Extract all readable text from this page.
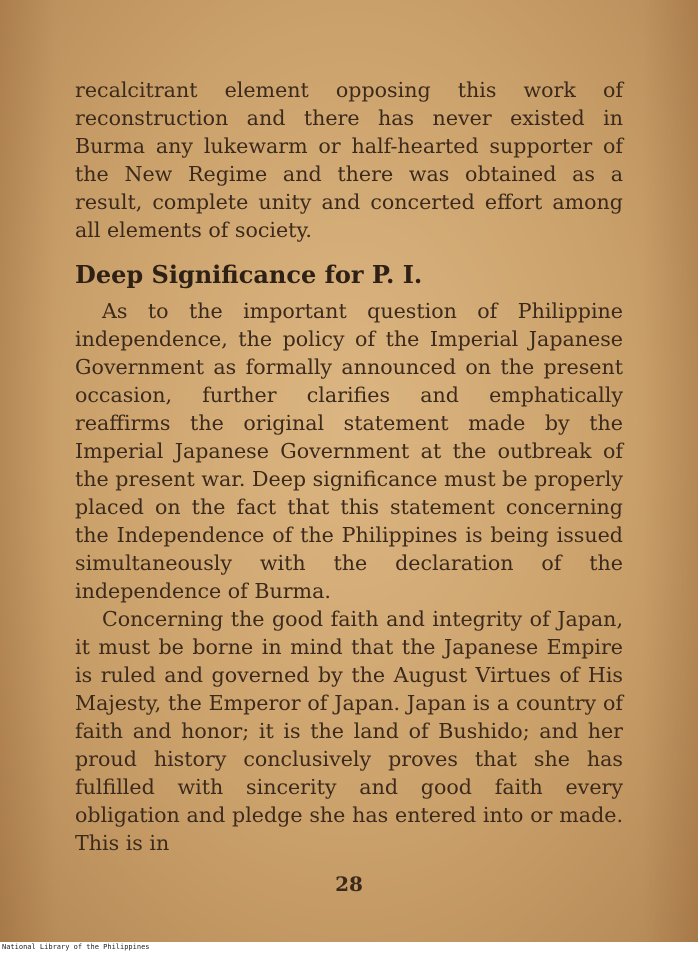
recalcitrant element opposing this work of reconstruction and there has never existed in Burma any lukewarm or half-hearted supporter of the New Regime and there was obtained as a result, complete unity and concerted effort among all elements of society.

Deep Significance for P. I.

As to the important question of Philippine independence, the policy of the Imperial Japanese Government as formally announced on the present occasion, further clarifies and emphatically reaffirms the original statement made by the Imperial Japanese Government at the outbreak of the present war. Deep significance must be properly placed on the fact that this statement concerning the Independence of the Philippines is being issued simultaneously with the declaration of the independence of Burma.

Concerning the good faith and integrity of Japan, it must be borne in mind that the Japanese Empire is ruled and governed by the August Virtues of His Majesty, the Emperor of Japan. Japan is a country of faith and honor; it is the land of Bushido; and her proud history conclusively proves that she has fulfilled with sincerity and good faith every obligation and pledge she has entered into or made. This is in

28
National Library of the Philippines
